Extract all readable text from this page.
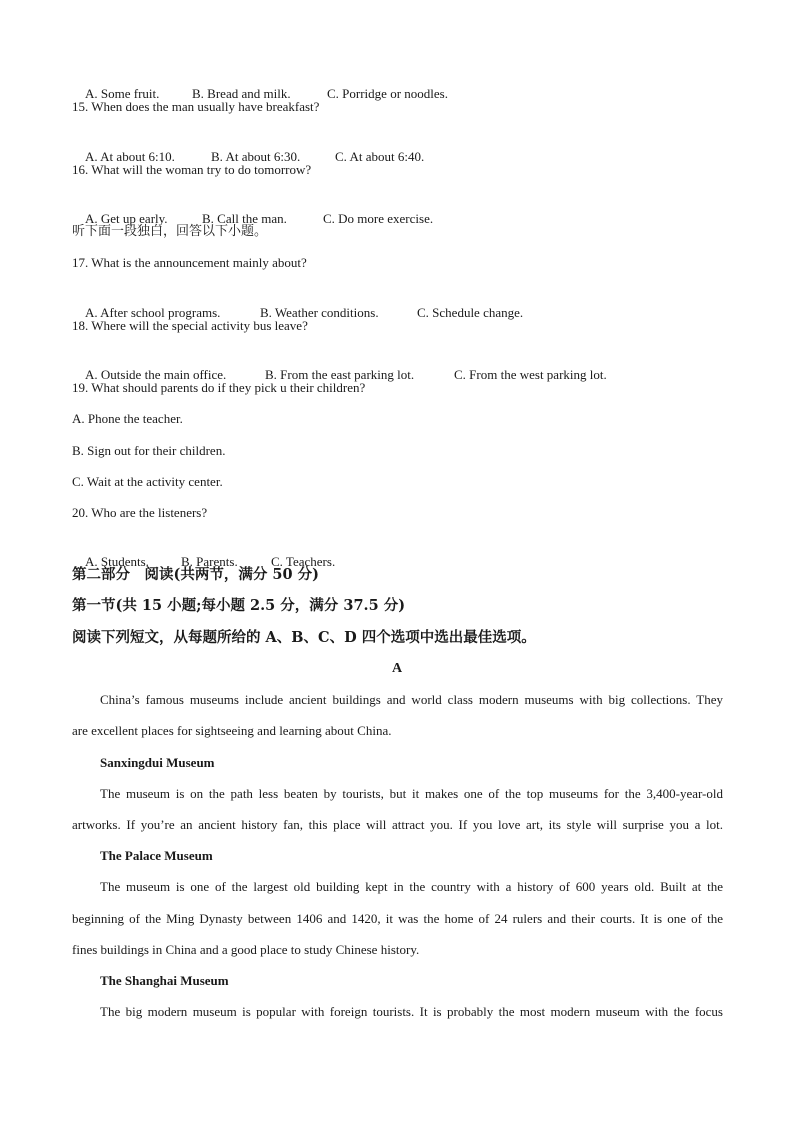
A. Some fruit.	B. Bread and milk.	C. Porridge or noodles.

15. When does the man usually have breakfast?

A. At about 6:10.	B. At about 6:30.	C. At about 6:40.

16. What will the woman try to do tomorrow?

A. Get up early.	B. Call the man.	C. Do more exercise.

听下面一段独白，回答以下小题。
17. What is the announcement mainly about?

A. After school programs.	B. Weather conditions.	C. Schedule change.

18. Where will the special activity bus leave?

A. Outside the main office.	B. From the east parking lot.	C. From the west parking lot.

19. What should parents do if they pick u their children?
A. Phone the teacher.
B. Sign out for their children.
C. Wait at the activity center.
20. Who are the listeners?

A. Students. B. Parents.	C. Teachers.

第二部分　阅读(共两节，满分 50 分)
第一节(共 15 小题;每小题 2.5 分，满分 37.5 分)
阅读下列短文，从每题所给的 A、B、C、D 四个选项中选出最佳选项。
A
China’s famous museums include ancient buildings and world class modern museums with big collections. They
are excellent places for sightseeing and learning about China.
Sanxingdui Museum
The museum is on the path less beaten by tourists, but it makes one of the top museums for the 3,400-year-old
artworks. If you’re an ancient history fan, this place will attract you. If you love art, its style will surprise you a lot.
The Palace Museum
The museum is one of the largest old building kept in the country with a history of 600 years old. Built at the
beginning of the Ming Dynasty between 1406 and 1420, it was the home of 24 rulers and their courts. It is one of the
fines buildings in China and a good place to study Chinese history.
The Shanghai Museum
The big modern museum is popular with foreign tourists. It is probably the most modern museum with the focus
